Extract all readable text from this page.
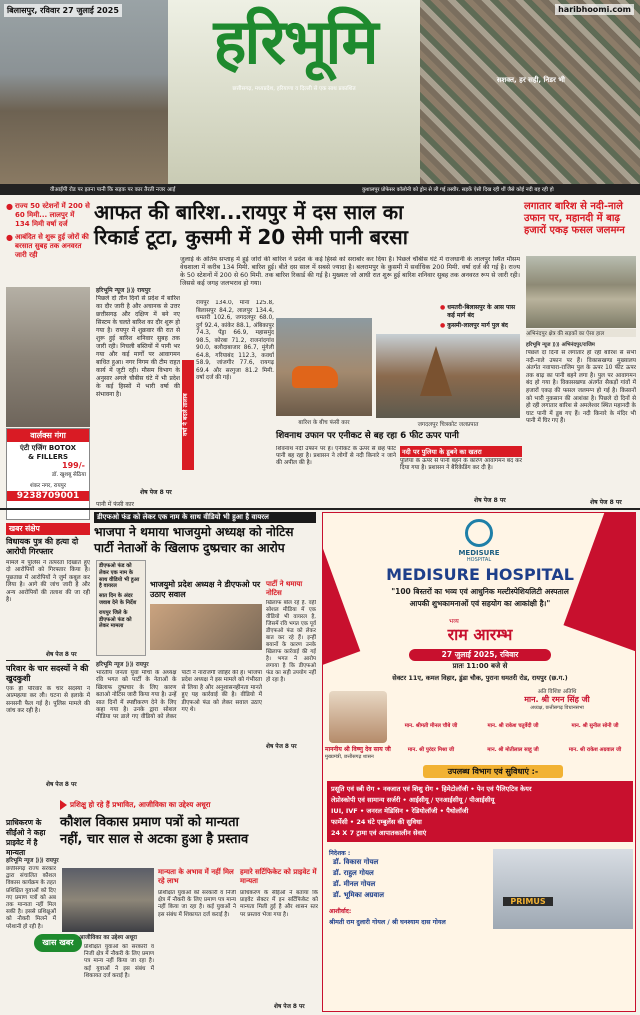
बिलासपुर, रविवार 27 जुलाई 2025	haribhoomi.com
हरिभूमि
छत्तीसगढ़, मध्यप्रदेश, हरियाणा व दिल्ली से एक साथ प्रकाशित
सशक्त, हर सही, निडर भी
वीआईपी रोड पर इतना पानी कि सड़क पर कार तैरती नजर आई	कुशालपुर प्रोफेसर कॉलोनी को ड्रोन से ली गई तस्वीर. सड़कें ऐसी दिख रही थीं जैसे कोई नदी बह रही हो
● राज्य 50 स्टेशनों में 200 से 60 मिमी... लालपुर में 134 मिमी वर्षा दर्ज
● आबंदित से शुरू हुई जोरों की बरसात सुबह तक अनवरत जारी रही
आफत की बारिश...रायपुर में दस साल का
रिकार्ड टूटा, कुसमी में 20 सेमी पानी बरसा
लगातार बारिश से नदी-नाले उफान पर, महानदी में बाढ़ हजारों एकड़ फसल जलमग्न
जुलाई के अंतिम सप्ताह में हुई जोरों की बारिश ने प्रदेश के कई हिस्से को सराबोर कर दिया है। पिछले चौबीस घंटे में राजधानी के लालपुर स्थित मौसम वेधशाला में करीब 134 मिमी. बारिश हुई। बीते दस साल में सबसे ज्यादा है। बलरामपुर के कुसमी में सर्वाधिक 200 मिमी. वर्षा दर्ज की गई है। राज्य के 50 स्टेशनों में 200 से 60 मिमी. तक बारिश रिकार्ड की गई है। मुख्यतः जो आधी रात शुरू हुई बारिश शनिवार सुबह तक अनवरत रूप से जारी रही। जिससे कई जगह जलभराव हो गया।
वार्लक्स गंगा
एंटी एजिंग BOTOX
& FILLERS
199/-
डॉ. खुशबू सेठिया
शंकर नगर, रायपुर
9238709001
हरिभूमि न्यूज ⟫⟫ रायपुर
पिछले दो तीन दिनों से प्रदेश में बारिश का दौर जारी है और अचानक से उत्तर छत्तीसगढ़ और दक्षिण में बने नए सिस्टम के चलते बारिश का दौर शुरू हो गया है। रायपुर में शुक्रवार की रात से शुरू हुई बारिश शनिवार सुबह तक जारी रही। निचली बस्तियों में पानी भर गया और कई मार्गों पर आवागमन बाधित हुआ। नगर निगम की टीम राहत कार्य में जुटी रही। मौसम विभाग के अनुसार अगले चौबीस घंटे में भी प्रदेश के कई हिस्सों में भारी वर्षा की संभावना है।	वर्षा ने बदले तालाब
रायपुर 134.0, माना 125.8, बिलासपुर 84.2, लालपुर 134.4, धमतरी 102.6, जगदलपुर 68.0, दुर्ग 92.4, कांकेर 88.1, अंबिकापुर 74.3, पेंड्रा 66.9, महासमुंद 98.5, कोरबा 71.2, राजनांदगांव 90.0, बलौदाबाजार 86.7, मुंगेली 64.8, गरियाबंद 112.3, कवर्धा 58.9, जांजगीर 77.6, रायगढ़ 69.4 और सरगुजा 81.2 मिमी. वर्षा दर्ज की गई।
शेष पेज 8 पर
पानी में फंसी कार
बारिश के बीच फंसी कार
● धमतरी-बिलासपुर के आस पास कई मार्ग बंद
● कुसमी-लालपुर मार्ग पुल बंद
जगदलपुर चित्रकोट जलप्रपात
शिवनाथ उफान पर एनीकट से बह रहा 6 फीट ऊपर पानी
शिवनाथ नदी उफान पर है। एनीकट के ऊपर से छह फीट पानी बह रहा है। प्रशासन ने लोगों से नदी किनारे न जाने की अपील की है।
नदी पर पुलिया के डूबने का खतरा
पुलिया के ऊपर से पानी बहने के कारण आवागमन बंद कर दिया गया है। प्रशासन ने बैरिकेडिंग कर दी है।
शेष पेज 8 पर
अभिनंदपुर क्षेत्र की सड़कों का ऐसा हाल
हरिभूमि न्यूज ⟫⟫ अभिनंदपुर/राजिम
पिछले दो दिनों से लगातार हो रही बारिश से सभी नदी-नाले उफान पर हैं। विकासखण्ड मुख्यालय अंतर्गत नवापारा-राजिम पुल के ऊपर 10 फीट ऊपर तक बाढ़ का पानी बहने लगा है। पुल पर आवागमन बंद हो गया है। विकासखण्ड अंतर्गत सैकड़ों गांवों में हजारों एकड़ की फसल जलमग्न हो गई है। किसानों को भारी नुकसान की आशंका है। पिछले दो दिनों से हो रही लगातार बारिश से अमलेश्वर स्थित महानदी के घाट पानी में डूब गए हैं। नदी किनारे के मंदिर भी पानी में घिर गए हैं।
शेष पेज 8 पर
खबर संक्षेप
विधायक पुत्र की हत्या दो आरोपी गिरफ्तार
मामले में पुलिस ने तत्परता दिखाते हुए दो आरोपियों को गिरफ्तार किया है। पूछताछ में आरोपियों ने जुर्म कबूल कर लिया है। आगे की जांच जारी है और अन्य आरोपियों की तलाश की जा रही है।
शेष पेज 8 पर
परिवार के चार सदस्यों ने की खुदकुशी
एक ही परिवार के चार सदस्यों ने आत्महत्या कर ली। घटना से इलाके में सनसनी फैल गई है। पुलिस मामले की जांच कर रही है।
शेष पेज 8 पर
डीएफओ फंड को लेकर एक नाम के साथ वीडियो भी हुआ है वायरल
भाजपा ने थमाया भाजयुमो अध्यक्ष को नोटिस
पार्टी नेताओं के खिलाफ दुष्प्रचार का आरोप
डीएफओ फंड को लेकर एक नाम के साथ वीडियो भी हुआ है वायरल
सात दिन के अंदर जवाब देने के निर्देश
रायपुर जिले के डीएफओ फंड को लेकर मामला
भाजयुमो प्रदेश अध्यक्ष ने डीएफओ पर उठाए सवाल
पार्टी ने थमाया नोटिस
खिलाफ बोल रहे हैं. वहीं सोशल मीडिया में एक वीडियो भी वायरल है, जिसमें रवि भगत एक पूर्व डीएफओ फंड को लेकर बात कर रहे हैं। इन्हीं बयानों के कारण उनके खिलाफ कार्रवाई की गई है। भगत ने आरोप लगाया है कि डीएफओ फंड का सही उपयोग नहीं हो रहा है।
हरिभूमि न्यूज ⟫⟫ रायपुर
भारतीय जनता युवा मोर्चा के अध्यक्ष रवि भगत को पार्टी के नेताओं के खिलाफ दुष्प्रचार के लिए कारण बताओ नोटिस जारी किया गया है। उन्हें सात दिनों में स्पष्टीकरण देने के लिए कहा गया है। उनके द्वारा सोशल मीडिया पर डाले गए वीडियो को लेकर पार्टी ने नाराजगी जाहिर की है। भाजपा प्रदेश अध्यक्ष ने इस मामले को गंभीरता से लिया है और अनुशासनहीनता मानते हुए यह कार्रवाई की है। वीडियो में डीएफओ फंड को लेकर सवाल उठाए गए थे।
शेष पेज 8 पर
प्रशिक्षु हो रहे हैं प्रभावित, आजीविका का उद्देश्य अधूरा
प्राधिकरण के सीईओ ने कहा प्राइवेट में है मान्यता
कौशल विकास प्रमाण पत्रों को मान्यता
नहीं, चार साल से अटका हुआ है प्रस्ताव
हरिभूमि न्यूज ⟫⟫ रायपुर
छत्तीसगढ़ राज्य सरकार द्वारा संचालित कौशल विकास कार्यक्रम के तहत प्रशिक्षित युवाओं को दिए गए प्रमाण पत्रों को अब तक मान्यता नहीं मिल सकी है। इससे प्रशिक्षुओं को नौकरी मिलने में परेशानी हो रही है।
खास खबर आजीविका का उद्देश्य अधूरा
प्रशिक्षित युवाओं को सरकारी व निजी क्षेत्र में नौकरी के लिए प्रमाण पत्र मान्य नहीं किया जा रहा है। कई युवाओं ने इस संबंध में शिकायत दर्ज कराई है।
मान्यता के अभाव में नहीं मिल रहे लाभ
प्रशिक्षित युवाओं को सरकारी व निजी क्षेत्र में नौकरी के लिए प्रमाण पत्र मान्य नहीं किया जा रहा है। कई युवाओं ने इस संबंध में शिकायत दर्ज कराई है।
हमारे सर्टिफिकेट को प्राइवेट में मान्यता
प्राधिकरण के सीईओ ने बताया कि प्राइवेट सेक्टर में इन सर्टिफिकेट को मान्यता मिली हुई है और शासन स्तर पर प्रस्ताव भेजा गया है।
शेष पेज 8 पर
MEDISURE
HOSPITAL
MEDISURE HOSPITAL
"100 बिस्तरों का भव्य एवं आधुनिक मल्टीस्पेशियलिटी अस्पताल
आपकी शुभकामनाओं एवं सहयोग का आकांक्षी है।"
भव्य
राम आरम्भ
27 जुलाई 2025, रविवार
प्रातः 11:00 बजे से
सेक्टर 11ए, कमल विहार, डुंडा चौक, पुराना धमतरी रोड, रायपुर (छ.ग.)
अति विशिष्ट अतिथि
मान. श्री रमन सिंह जी
अध्यक्ष, छत्तीसगढ़ विधानसभा
माननीय श्री विष्णु देव साय जी
मुख्यमंत्री, छत्तीसगढ़ शासन
मान. श्रीमती मीनल चौबे जी	मान. श्री राकेश चतुर्वेदी जी	मान. श्री सुनील सोनी जी
मान. श्री पुरंदर मिश्रा जी	मान. श्री मोतीलाल साहू जी	मान. श्री राकेश अग्रवाल जी
उपलब्ध विभाग एवं सुविधाएं :-
प्रसूति एवं स्त्री रोग • नवजात एवं शिशु रोग • हिमेटोलॉजी • पेन एवं पैलिएटिव केयर
लेप्रोस्कोपी एवं सामान्य सर्जरी • आईसीयू / एनआईसीयू / पीआईसीयू
IUI, IVF • जनरल मेडिसिन • रेडियोलॉजी • पैथोलॉजी
फार्मेसी • 24 घंटे एम्बुलेंस की सुविधा
24 X 7 ट्रामा एवं आपातकालीन सेवाएं
निदेशक :
डॉ. विकास गोयल
डॉ. राहुल गोयल
डॉ. मीनल गोयल
डॉ. भूमिका अग्रवाल
PRIMUS
आशीर्वाद:
श्रीमती राम दुलारी गोयल / श्री घनश्याम दास गोयल
